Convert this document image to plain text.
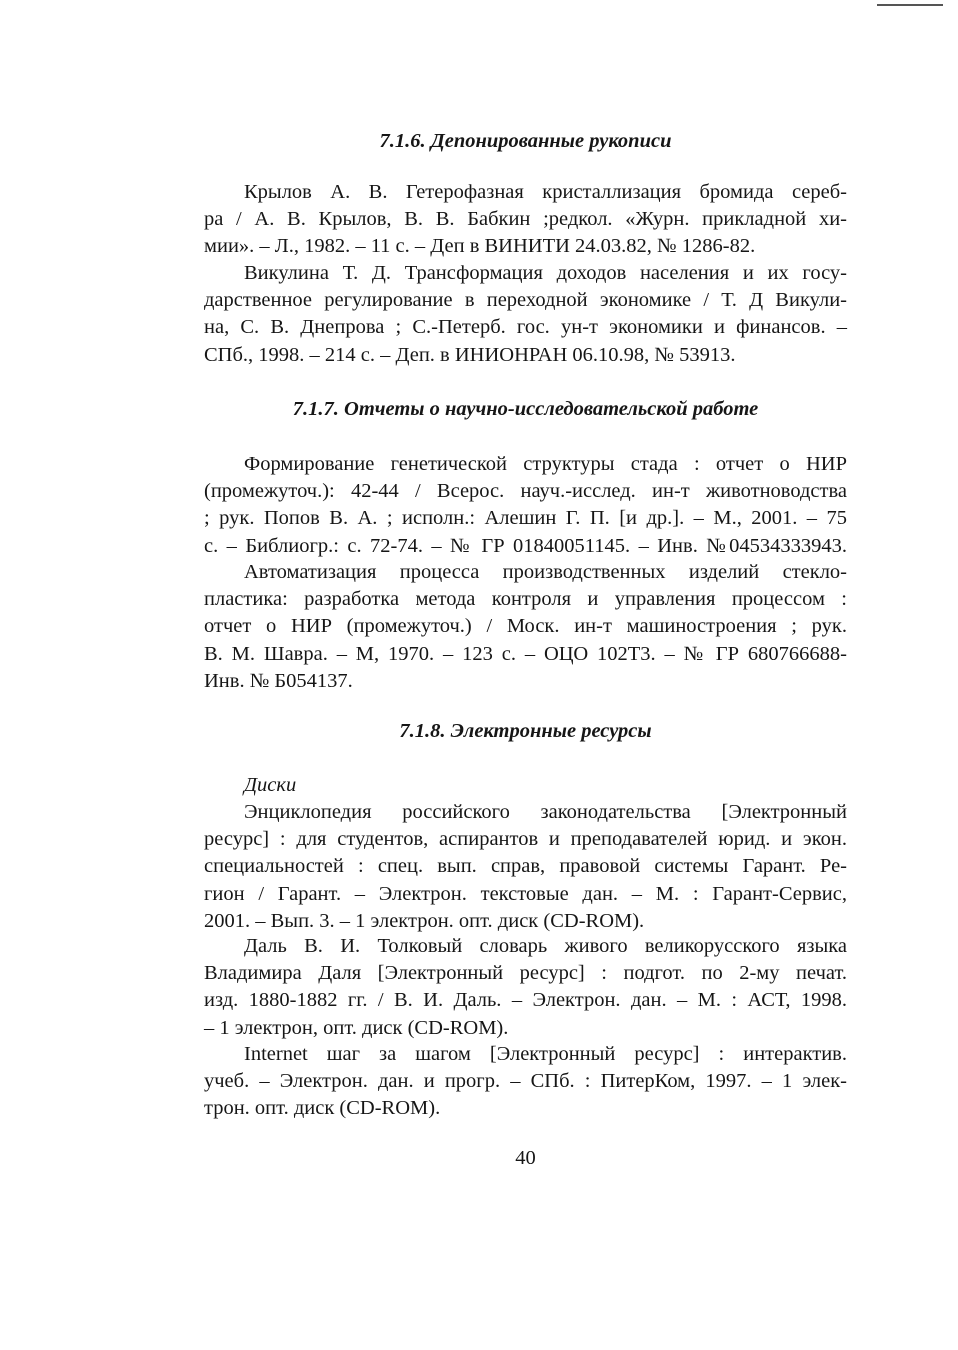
7.1.6. Депонированные рукописи
Крылов А. В. Гетерофазная кристаллизация бромида сереб-
ра / А. В. Крылов, В. В. Бабкин ;редкол. «Журн. прикладной хи-
мии». – Л., 1982. – 11 с. – Деп в ВИНИТИ 24.03.82, № 1286-82.
Викулина Т. Д. Трансформация доходов населения и их госу-
дарственное регулирование в переходной экономике / Т. Д Викули-
на, С. В. Днепрова ; С.-Петерб. гос. ун-т экономики и финансов. –
СПб., 1998. – 214 с. – Деп. в ИНИОНРАН 06.10.98, № 53913.
7.1.7. Отчеты о научно-исследовательской работе
Формирование генетической структуры стада : отчет о НИР
(промежуточ.): 42-44 / Всерос. науч.-исслед. ин-т животноводства
; рук. Попов В. А. ; исполн.: Алешин Г. П. [и др.]. – М., 2001. – 75
с. – Библиогр.: с. 72-74. – № ГР 01840051145. – Инв. №04534333943.
Автоматизация процесса производственных изделий стекло-
пластика: разработка метода контроля и управления процессом :
отчет о НИР (промежуточ.) / Моск. ин-т машиностроения ; рук.
В. М. Шавра. – М, 1970. – 123 с. – ОЦО 102Т3. – № ГР 680766688-
Инв. № Б054137.
7.1.8. Электронные ресурсы
Диски
Энциклопедия российского законодательства [Электронный
ресурс] : для студентов, аспирантов и преподавателей юрид. и экон.
специальностей : спец. вып. справ, правовой системы Гарант. Ре-
гион / Гарант. – Электрон. текстовые дан. – М. : Гарант-Сервис,
2001. – Вып. 3. – 1 электрон. опт. диск (CD-ROM).
Даль В. И. Толковый словарь живого великорусского языка
Владимира Даля [Электронный ресурс] : подгот. по 2-му печат.
изд. 1880-1882 гг. / В. И. Даль. – Электрон. дан. – М. : АСТ, 1998.
– 1 электрон, опт. диск (CD-ROM).
Internet шаг за шагом [Электронный ресурс] : интерактив.
учеб. – Электрон. дан. и прогр. – СПб. : ПитерКом, 1997. – 1 элек-
трон. опт. диск (CD-ROM).
40
